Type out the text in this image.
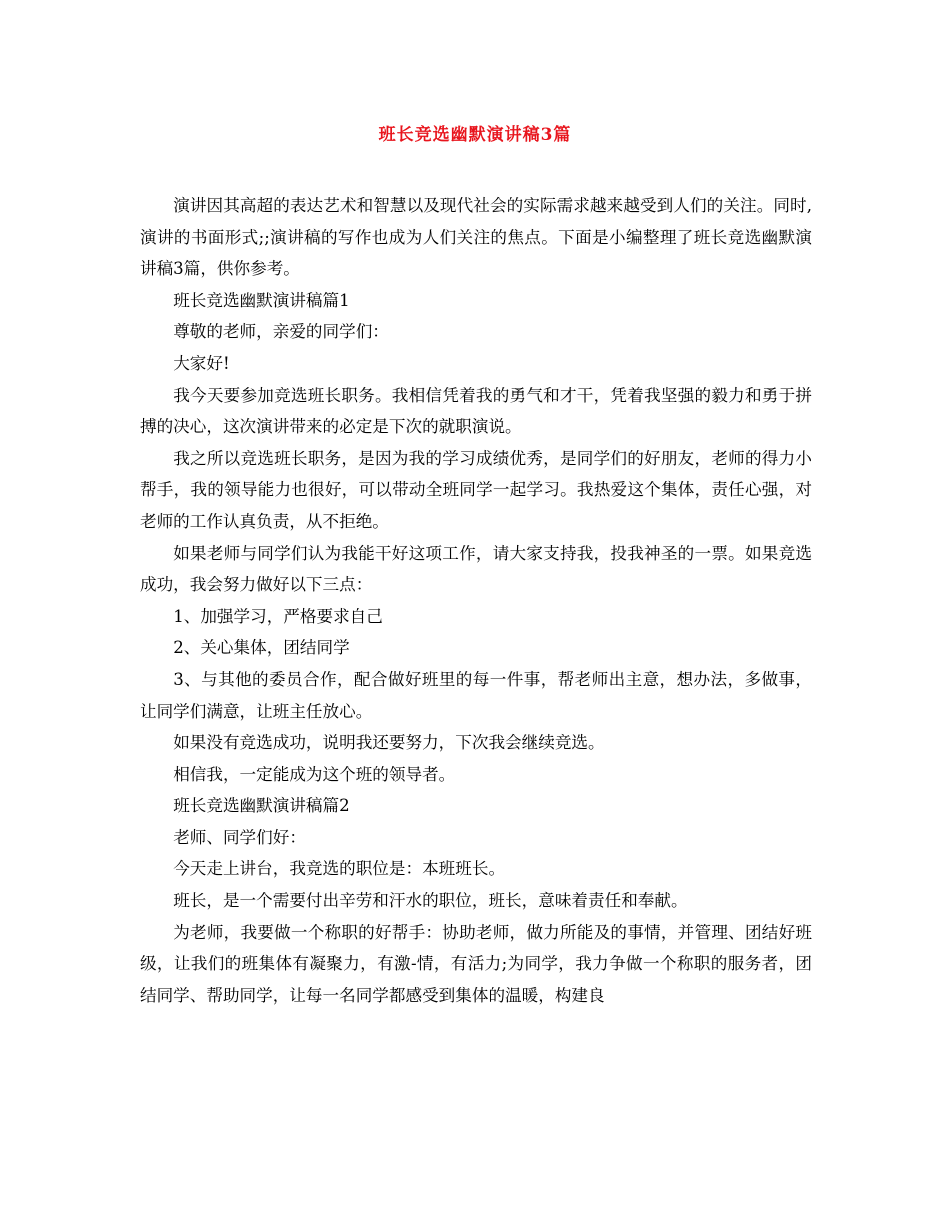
班长竞选幽默演讲稿3篇

演讲因其高超的表达艺术和智慧以及现代社会的实际需求越来越受到人们的关注。同时,演讲的书面形式;;演讲稿的写作也成为人们关注的焦点。下面是小编整理了班长竞选幽默演讲稿3篇，供你参考。

班长竞选幽默演讲稿篇1

尊敬的老师，亲爱的同学们：

大家好!

我今天要参加竞选班长职务。我相信凭着我的勇气和才干，凭着我坚强的毅力和勇于拼搏的决心，这次演讲带来的必定是下次的就职演说。

我之所以竞选班长职务，是因为我的学习成绩优秀，是同学们的好朋友，老师的得力小帮手，我的领导能力也很好，可以带动全班同学一起学习。我热爱这个集体，责任心强，对老师的工作认真负责，从不拒绝。

如果老师与同学们认为我能干好这项工作，请大家支持我，投我神圣的一票。如果竞选成功，我会努力做好以下三点：

1、加强学习，严格要求自己

2、关心集体，团结同学

3、与其他的委员合作，配合做好班里的每一件事，帮老师出主意，想办法，多做事，让同学们满意，让班主任放心。

如果没有竞选成功，说明我还要努力，下次我会继续竞选。

相信我，一定能成为这个班的领导者。

班长竞选幽默演讲稿篇2

老师、同学们好：

今天走上讲台，我竞选的职位是：本班班长。

班长，是一个需要付出辛劳和汗水的职位，班长，意味着责任和奉献。

为老师，我要做一个称职的好帮手：协助老师，做力所能及的事情，并管理、团结好班级，让我们的班集体有凝聚力，有激-情，有活力;为同学，我力争做一个称职的服务者，团结同学、帮助同学，让每一名同学都感受到集体的温暖，构建良
